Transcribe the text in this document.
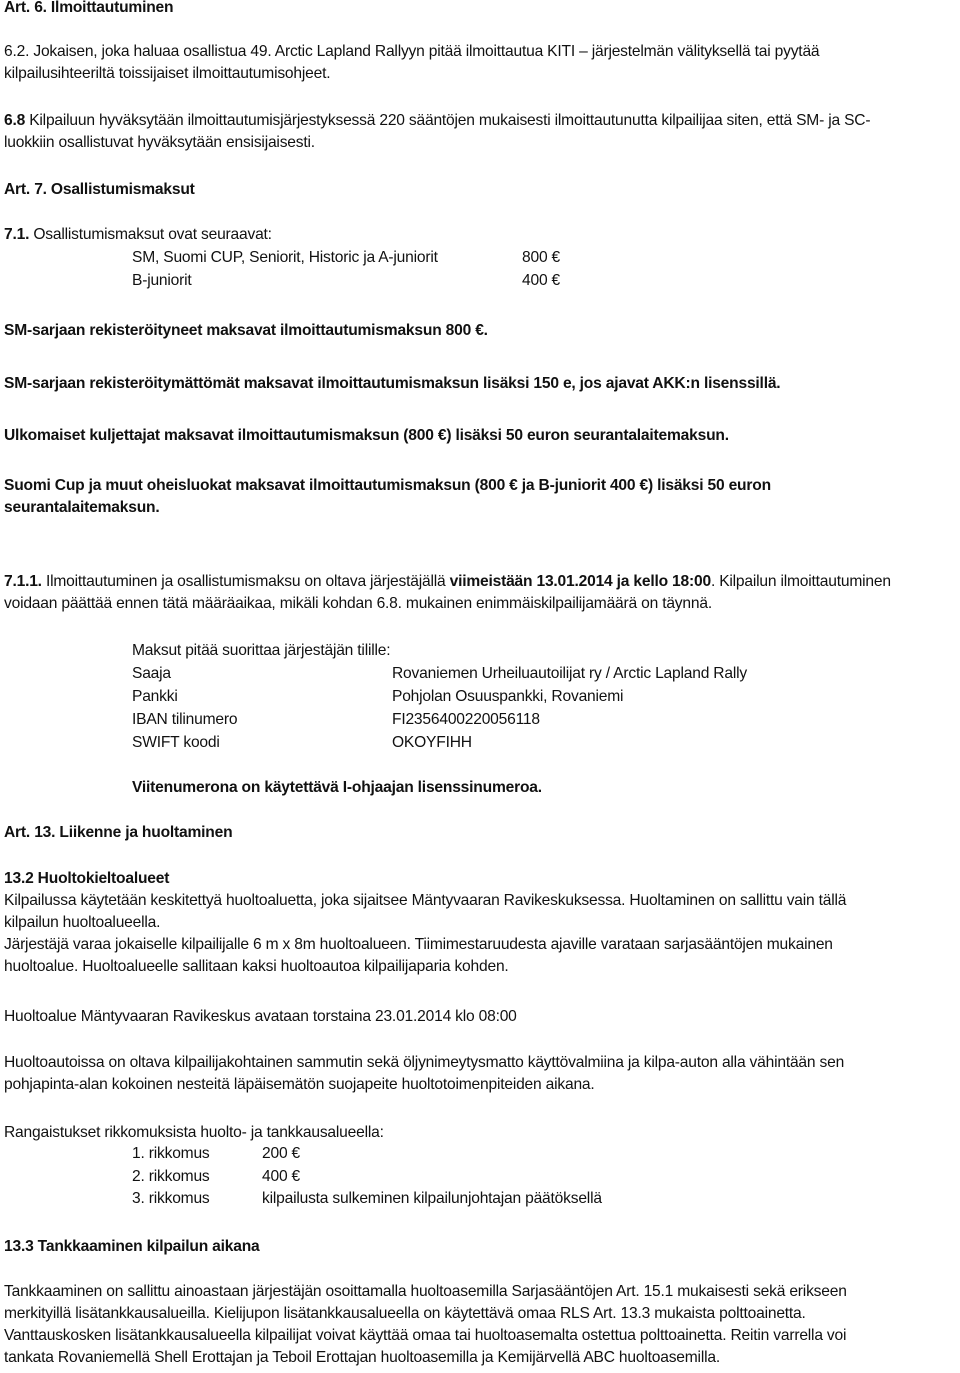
Art. 6. Ilmoittautuminen
6.2. Jokaisen, joka haluaa osallistua 49. Arctic Lapland Rallyyn pitää ilmoittautua KITI – järjestelmän välityksellä tai pyytää
kilpailusihteeriltä toissijaiset ilmoittautumisohjeet.
6.8 Kilpailuun hyväksytään ilmoittautumisjärjestyksessä 220 sääntöjen mukaisesti ilmoittautunutta kilpailijaa siten, että SM- ja SC-
luokkiin osallistuvat hyväksytään ensisijaisesti.
Art. 7. Osallistumismaksut
7.1. Osallistumismaksut ovat seuraavat:
SM, Suomi CUP, Seniorit, Historic ja A-juniorit	800 €
B-juniorit	400 €
SM-sarjaan rekisteröityneet maksavat ilmoittautumismaksun 800 €.
SM-sarjaan rekisteröitymättömät maksavat ilmoittautumismaksun lisäksi 150 e, jos ajavat AKK:n lisenssillä.
Ulkomaiset kuljettajat maksavat ilmoittautumismaksun (800 €) lisäksi 50 euron seurantalaitemaksun.
Suomi Cup ja muut oheisluokat maksavat ilmoittautumismaksun (800 € ja B-juniorit 400 €) lisäksi 50 euron
seurantalaitemaksun.
7.1.1. Ilmoittautuminen ja osallistumismaksu on oltava järjestäjällä viimeistään 13.01.2014 ja kello 18:00. Kilpailun ilmoittautuminen
voidaan päättää ennen tätä määräaikaa, mikäli kohdan 6.8. mukainen enimmäiskilpailijamäärä on täynnä.
Maksut pitää suorittaa järjestäjän tilille:
Saaja	Rovaniemen Urheiluautoilijat ry / Arctic Lapland Rally
Pankki	Pohjolan Osuuspankki, Rovaniemi
IBAN tilinumero	FI2356400220056118
SWIFT koodi	OKOYFIHH
Viitenumerona on käytettävä I-ohjaajan lisenssinumeroa.
Art. 13. Liikenne ja huoltaminen
13.2 Huoltokieltoalueet
Kilpailussa käytetään keskitettyä huoltoaluetta, joka sijaitsee Mäntyvaaran Ravikeskuksessa. Huoltaminen on sallittu vain tällä
kilpailun huoltoalueella.
Järjestäjä varaa jokaiselle kilpailijalle 6 m x 8m huoltoalueen. Tiimimestaruudesta ajaville varataan sarjasääntöjen mukainen
huoltoalue. Huoltoalueelle sallitaan kaksi huoltoautoa kilpailijaparia kohden.
Huoltoalue Mäntyvaaran Ravikeskus avataan torstaina 23.01.2014 klo 08:00
Huoltoautoissa on oltava kilpailijakohtainen sammutin sekä öljynimeytysmatto käyttövalmiina ja kilpa-auton alla vähintään sen
pohjapinta-alan kokoinen nesteitä läpäisemätön suojapeite huoltotoimenpiteiden aikana.
Rangaistukset rikkomuksista huolto- ja tankkausalueella:
1. rikkomus	200 €
2. rikkomus	400 €
3. rikkomus	kilpailusta sulkeminen kilpailunjohtajan päätöksellä
13.3 Tankkaaminen kilpailun aikana
Tankkaaminen on sallittu ainoastaan järjestäjän osoittamalla huoltoasemilla Sarjasääntöjen Art. 15.1 mukaisesti sekä erikseen
merkityillä lisätankkausalueilla. Kielijupon lisätankkausalueella on käytettävä omaa RLS Art. 13.3 mukaista polttoainetta.
Vanttauskosken lisätankkausalueella kilpailijat voivat käyttää omaa tai huoltoasemalta ostettua polttoainetta. Reitin varrella voi
tankata Rovaniemellä Shell Erottajan ja Teboil Erottajan huoltoasemilla ja Kemijärvellä ABC huoltoasemilla.
